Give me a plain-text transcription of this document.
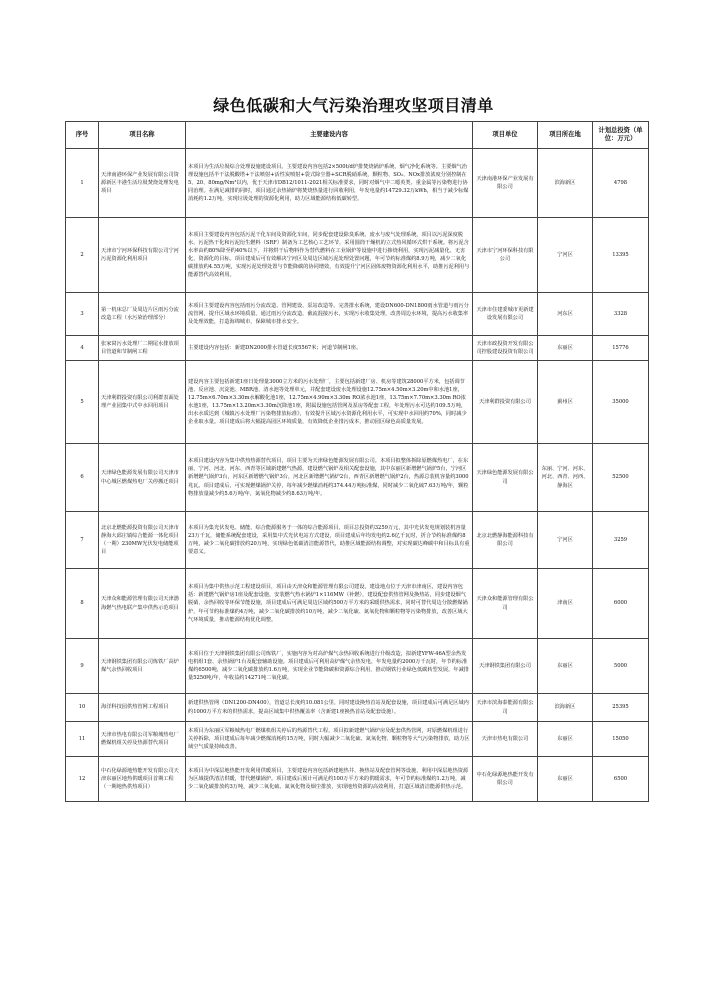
绿色低碳和大气污染治理攻坚项目清单
序号	项目名称	主要建设内容	项目单位	项目所在地	计划总投资（单位：万元）
1	天津南港环保产业发展有限公司资源新区丰港生活垃圾焚烧处理发电项目	本项目为生活垃圾综合处理设施建设项目。主要建设内容包括2×500t/d炉排焚烧锅炉系统、烟气净化系统等。主要烟气治理设施包括半干法脱酸塔+干法喷射+活性炭喷射+袋式除尘器+SCR脱硝系统，颗粒物、SO₂、NOx排放浓度分别控制在5、20、80mg/Nm³以内，优于天津市DB12/1011-2021相关标准要求，同时对烟气中二噁英类、重金属等污染物进行协同治理。在满足减排的同时，项目通过余热锅炉将焚烧热量进行回收利用，年发电量约14729.32万kWh，相当于减少标煤消耗约1.2万吨，实现垃圾处理的资源化利用，助力区域能源结构低碳转型。	天津南港环保产业发展有限公司	滨海新区	4798
2	天津市宁河环保科技有限公司宁河污泥资源化利用项目	本项目主要建设内容包括污泥干化车间及资源化车间，同步配套建设除臭系统、废水与废气处理系统，项目以污泥深度脱水、污泥热干化和污泥衍生燃料（SRF）制备为工艺核心工艺环节，采用圆筒干燥机的立式热风循环式烘干系统。将污泥含水率由约80%降至约40%以下，并将烘干后物料作为替代燃料在工业锅炉等设施中进行掺烧利用，实现污泥减量化、无害化、资源化的目标。项目建成后可有效解决宁河区及周边区域污泥处理处置问题，年可节约标准煤约8.9万吨，减少二氧化碳排放约4.55万吨，实现污泥处理处置与节能降碳的协同增效，有效提升宁河区固体废物资源化利用水平，助推污泥利用与能源替代高效利用。	天津市宁河环保科技有限公司	宁河区	13395
3	第一机床总厂及周边片区雨污分流改造工程（水污染治理部分）	本项目主要建设内容包括雨污分流改造、管网建设、泵站改造等。完善排水系统，建设DN600-DN1800雨水管道与雨污分流管网，提升区域水环境质量。通过雨污分流改造，截流混接污水，实现污水收集处理，改善周边水环境，提高污水收集率及处理效能，打造海绵城市，保障城市排水安全。	天津市住建委城市更新建设发展有限公司	河东区	3328
4	张家窝污水处理厂二期尾水排放项目管道和节制闸工程	主要建设内容包括：新建DN2000排水管道长度5567米；河道节制闸1座。	天津市政投资开发有限公司控股建设投资有限公司	东丽区	15776
5	天津利群投资有限公司利群表面处理产业园集中式中水回用项目	建设内容主要包括新建1座日处理量3000立方米的污水处理厂，主要包括新建厂房、机房等建筑28000平方米，包括调节池、反应池、沉淀池、MBR池、清水池等处理单元，并配套建设废水处理设施12.75m×4.50m×3.20m中和水池1座，12.75m×6.70m×3.30m水解酸化池1座，12.75m×4.90m×3.30m RO浓水池1座，13.75m×7.70m×3.30m RO浓水池1座，13.75m×13.20m×3.30m沉降池1座，附属设施包括管网及泵房等配套工程，年处理污水可达约109.5万吨，出水水质达到《城镇污水处理厂污染物排放标准》，有效提升区域污水资源化利用水平，可实现中水回用约70%，同时减少企业取水量。项目建成后将大幅提高园区环境质量，有效降低企业排污成本，推动园区绿色高质量发展。	天津利群投资有限公司	蓟州区	35000
6	天津绿色能源发展有限公司天津市中心城区燃煤热电厂关停搬迁项目	本项目建设内容为集中供热热源替代项目，项目主要为天津绿色能源发展有限公司。本项目拟整体拆除原燃煤热电厂，在东丽、宁河、河北、河东、西青等区域新建燃气热源，建设燃气锅炉及相关配套设施，其中东丽区新增燃气锅炉5台，宁河区新增燃气锅炉3台，河东区新增燃气锅炉3台，河北区新增燃气锅炉2台，西青区新增燃气锅炉2台，热源总装机容量约3000兆瓦。项目建成后，可实现燃煤锅炉关停，每年减少燃煤消耗约374.44万吨标准煤，同时减少二氧化硫7.63万吨/年，颗粒物排放量减少约5.6万吨/年，氮氧化物减少约8.63万吨/年。	天津绿色能源发展有限公司	东丽、宁河、河东、河北、西青、河西、静海区	52500
7	北京北燃能源投资有限公司天津市静海大邱庄镇综合能源一体化项目（一期）230MW光伏发电储能项目	本项目为集光伏发电、储能、综合能源服务于一体的综合能源项目，项目总投资约3259万元，其中光伏发电规划装机容量23万千瓦，储能系统配套建设，采用集中式光伏电站方式建设，项目建成后年均发电约2.6亿千瓦时，折合节约标准煤约8万吨，减少二氧化碳排放约20万吨，实现绿色低碳清洁能源替代，助推区域能源结构调整，对实现碳达峰碳中和目标具有重要意义。	北京北燃静海能源科技有限公司	宁河区	3259
8	天津众和能源管理有限公司天津渤海燃气热电联产集中供热示范项目	本项目为集中供热示范工程建设项目，项目由天津众和能源管理有限公司建设，建设地点位于天津市津南区，建设内容包括：新建燃气锅炉房1座及配套设施，安装燃气热水锅炉1×116MW（补燃），建设配套供热管网及换热站，同步建设烟气脱硝、余热回收等环保节能设施，项目建成后可满足周边区域约500万平方米的采暖供热需求，同时可替代周边分散燃煤锅炉，年可节约标准煤约4万吨，减少二氧化碳排放约10万吨，减少二氧化硫、氮氧化物和颗粒物等污染物排放，改善区域大气环境质量，推动能源结构优化调整。	天津众和能源管理有限公司	津南区	6000
9	天津钢铁集团有限公司炼铁厂高炉煤气余热回收项目	本项目位于天津钢铁集团有限公司炼铁厂，实施内容为对高炉煤气余热回收系统进行升级改造，拟新建YFW-46A型余热发电机组1套、余热锅炉1台及配套辅助设施。项目建成后可利用高炉煤气余热发电，年发电量约2000万千瓦时，年节约标准煤约6500吨，减少二氧化碳排放约1.6万吨，实现企业节能降碳和资源综合利用，推动钢铁行业绿色低碳转型发展，年减排量5250吨/年，年收益约14271吨二氧化碳。	天津钢铁集团有限公司	东丽区	5000
10	海洋科技园供热管网工程项目	新建供热管网（DN1200-DN400），管道总长度约10.081公里，同时建设换热首站及配套设施，项目建成后可满足区域内约1000万平方米的供热需求，提高区域集中供热覆盖率（含新建1座换热首站及配套设施）。	天津市滨海泰能源有限公司	滨海新区	25395
11	天津市热电有限公司军粮城热电厂燃煤机组关停及热源替代项目	本项目为东丽区军粮城热电厂燃煤机组关停后的热源替代工程，项目拟新建燃气锅炉房及配套供热管网，对原燃煤机组进行关停拆除，项目建成后每年减少燃煤消耗约15万吨，同时大幅减少二氧化硫、氮氧化物、颗粒物等大气污染物排放，助力区域空气质量持续改善。	天津市热电有限公司	东丽区	15050
12	中石化绿源地热能开发有限公司天津东丽区地热供暖项目首期工程（一期地热供热项目）	本项目为中深层地热能开发利用供暖项目，主要建设内容包括新建地热井、换热站及配套管网等设施，利用中深层地热资源为区域提供清洁供暖，替代燃煤锅炉。项目建成后预计可满足约100万平方米的供暖需求，年可节约标准煤约1.2万吨，减少二氧化碳排放约3万吨，减少二氧化硫、氮氧化物及烟尘排放，实现地热资源的高效利用，打造区域清洁能源供热示范。	中石化绿源地热能开发有限公司	东丽区	6500
